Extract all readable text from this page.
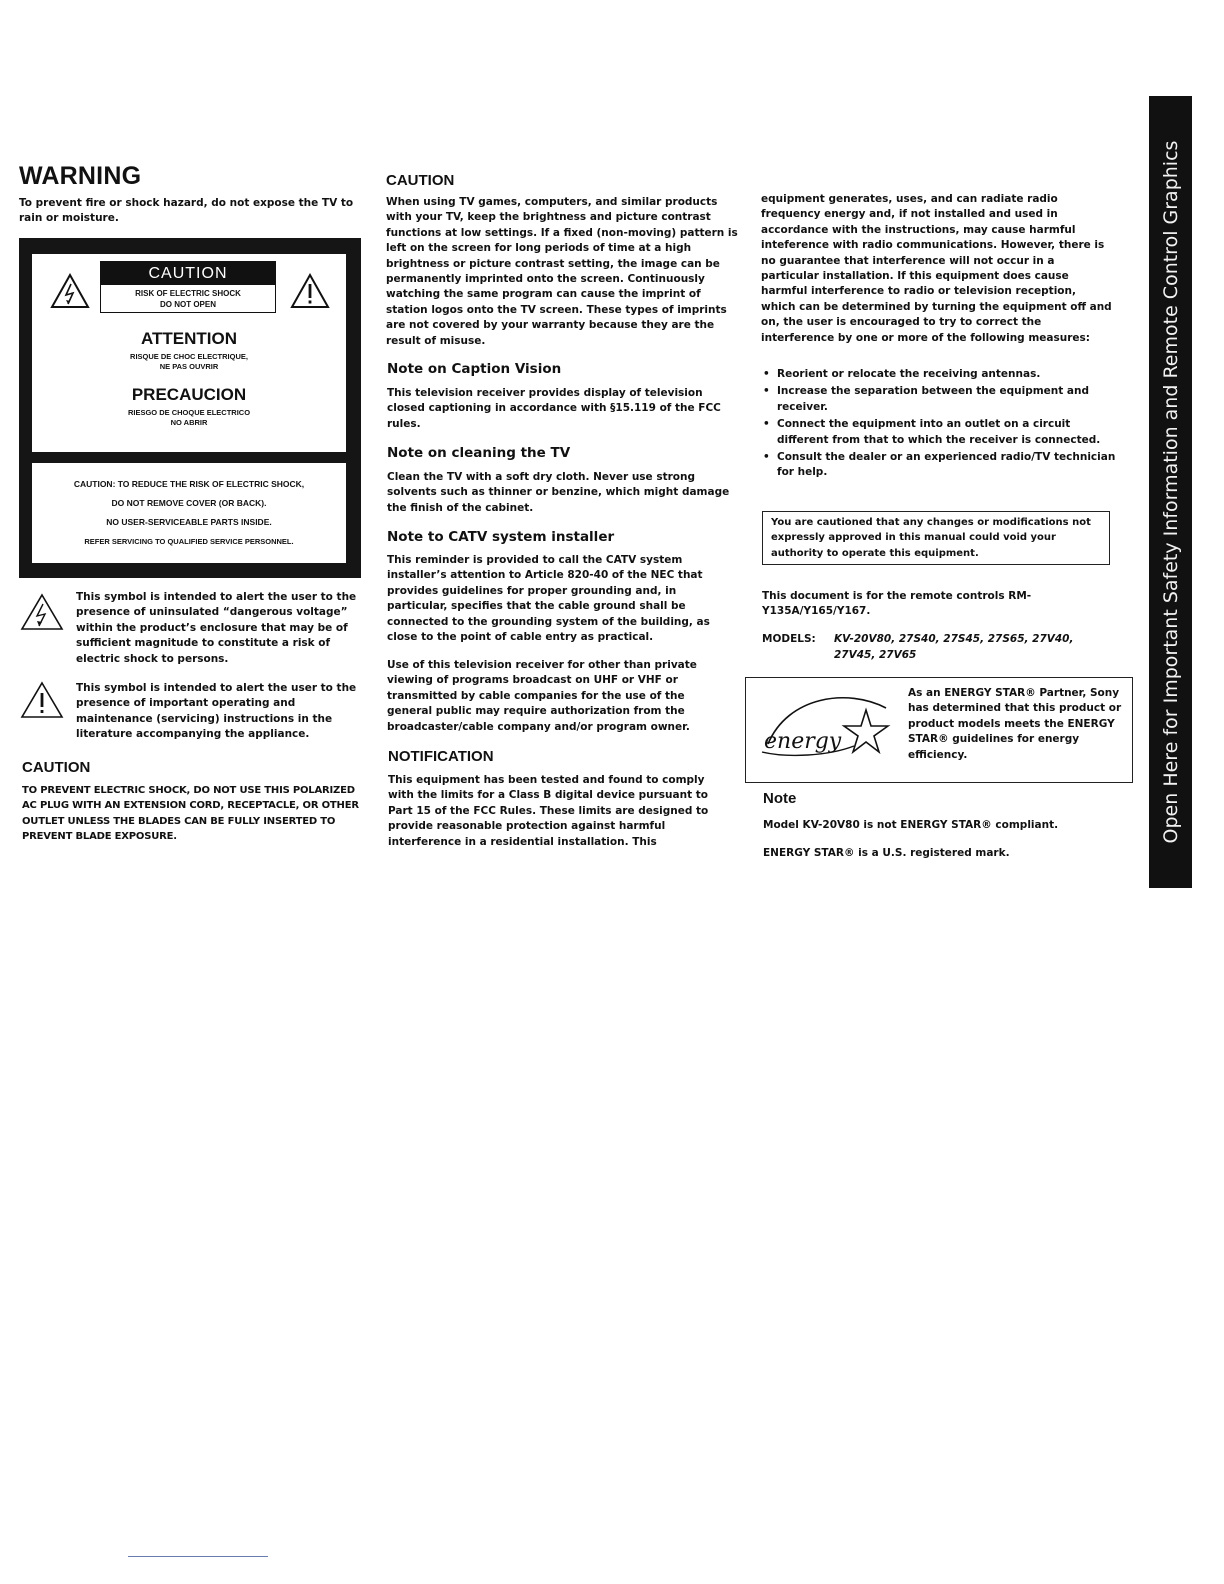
WARNING

To prevent fire or shock hazard, do not expose the TV to rain or moisture.

CAUTION
RISK OF ELECTRIC SHOCK
DO NOT OPEN
ATTENTION
RISQUE DE CHOC ELECTRIQUE,
NE PAS OUVRIR
PRECAUCION
RIESGO DE CHOQUE ELECTRICO
NO ABRIR
CAUTION: TO REDUCE THE RISK OF ELECTRIC SHOCK,
DO NOT REMOVE COVER (OR BACK).
NO USER-SERVICEABLE PARTS INSIDE.
REFER SERVICING TO QUALIFIED SERVICE PERSONNEL.

This symbol is intended to alert the user to the presence of uninsulated “dangerous voltage” within the product’s enclosure that may be of sufficient magnitude to constitute a risk of electric shock to persons.

This symbol is intended to alert the user to the presence of important operating and maintenance (servicing) instructions in the literature accompanying the appliance.

CAUTION

TO PREVENT ELECTRIC SHOCK, DO NOT USE THIS POLARIZED AC PLUG WITH AN EXTENSION CORD, RECEPTACLE, OR OTHER OUTLET UNLESS THE BLADES CAN BE FULLY INSERTED TO PREVENT BLADE EXPOSURE.

CAUTION

When using TV games, computers, and similar products with your TV, keep the brightness and picture contrast functions at low settings. If a fixed (non-moving) pattern is left on the screen for long periods of time at a high brightness or picture contrast setting, the image can be permanently imprinted onto the screen. Continuously watching the same program can cause the imprint of station logos onto the TV screen. These types of imprints are not covered by your warranty because they are the result of misuse.

Note on Caption Vision

This television receiver provides display of television closed captioning in accordance with §15.119 of the FCC rules.

Note on cleaning the TV

Clean the TV with a soft dry cloth. Never use strong solvents such as thinner or benzine, which might damage the finish of the cabinet.

Note to CATV system installer

This reminder is provided to call the CATV system installer’s attention to Article 820-40 of the NEC that provides guidelines for proper grounding and, in particular, specifies that the cable ground shall be connected to the grounding system of the building, as close to the point of cable entry as practical.

Use of this television receiver for other than private viewing of programs broadcast on UHF or VHF or transmitted by cable companies for the use of the general public may require authorization from the broadcaster/cable company and/or program owner.

NOTIFICATION

This equipment has been tested and found to comply with the limits for a Class B digital device pursuant to Part 15 of the FCC Rules. These limits are designed to provide reasonable protection against harmful interference in a residential installation. This

equipment generates, uses, and can radiate radio frequency energy and, if not installed and used in accordance with the instructions, may cause harmful inteference with radio communications. However, there is no guarantee that interference will not occur in a particular installation. If this equipment does cause harmful interference to radio or television reception, which can be determined by turning the equipment off and on, the user is encouraged to try to correct the interference by one or more of the following measures:

• Reorient or relocate the receiving antennas.
• Increase the separation between the equipment and receiver.
• Connect the equipment into an outlet on a circuit different from that to which the receiver is connected.
• Consult the dealer or an experienced radio/TV technician for help.
You are cautioned that any changes or modifications not expressly approved in this manual could void your authority to operate this equipment.

This document is for the remote controls RM-Y135A/Y165/Y167.

MODELS: KV-20V80, 27S40, 27S45, 27S65, 27V40,
27V45, 27V65
energy

As an ENERGY STAR® Partner, Sony has determined that this product or product models meets the ENERGY STAR® guidelines for energy efficiency.

Note

Model KV-20V80 is not ENERGY STAR® compliant.

ENERGY STAR® is a U.S. registered mark.

Open Here for Important Safety Information and Remote Control Graphics
